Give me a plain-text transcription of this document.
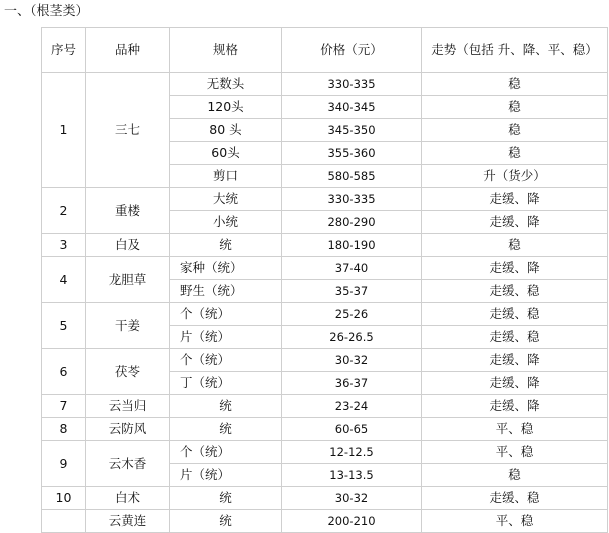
一、（根茎类）
序号	品种	规格	价格（元）	走势（包括 升、降、平、稳）
1	三七	无数头	330-335	稳
		120头	340-345	稳
		80 头	345-350	稳
		60头	355-360	稳
		剪口	580-585	升（货少）
2	重楼	大统	330-335	走缓、降
		小统	280-290	走缓、降
3	白及	统	180-190	稳
4	龙胆草	家种（统）	37-40	走缓、降
		野生（统）	35-37	走缓、稳
5	干姜	个（统）	25-26	走缓、稳
		片（统）	26-26.5	走缓、稳
6	茯苓	个（统）	30-32	走缓、降
		丁（统）	36-37	走缓、降
7	云当归	统	23-24	走缓、降
8	云防风	统	60-65	平、稳
9	云木香	个（统）	12-12.5	平、稳
		片（统）	13-13.5	稳
10	白术	统	30-32	走缓、稳
	云黄连	统	200-210	平、稳
